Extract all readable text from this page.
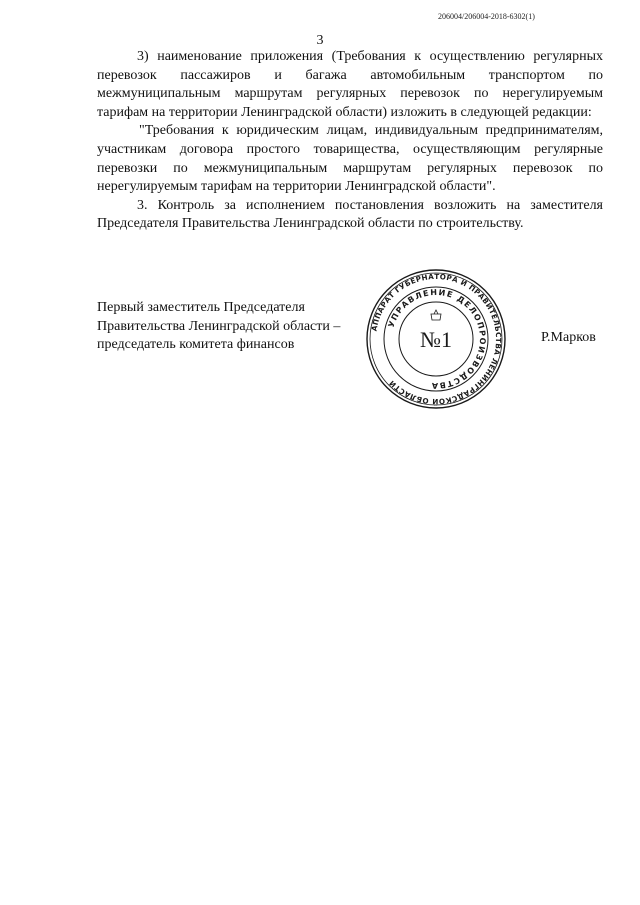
206004/206004-2018-6302(1)
3

3) наименование приложения (Требования к осуществлению регулярных перевозок пассажиров и багажа автомобильным транспортом по межмуниципальным маршрутам регулярных перевозок по нерегулируемым тарифам на территории Ленинградской области) изложить в следующей редакции:

"Требования к юридическим лицам, индивидуальным предпринимателям, участникам договора простого товарищества, осуществляющим регулярные перевозки по межмуниципальным маршрутам регулярных перевозок по нерегулируемым тарифам на территории Ленинградской области".

3. Контроль за исполнением постановления возложить на заместителя Председателя Правительства Ленинградской области по строительству.

Первый заместитель Председателя
Правительства Ленинградской области –
председатель комитета финансов	Р.Марков
АППАРАТ ГУБЕРНАТОРА И ПРАВИТЕЛЬСТВА ЛЕНИНГРАДСКОЙ ОБЛАСТИ
УПРАВЛЕНИЕ ДЕЛОПРОИЗВОДСТВА
№1
